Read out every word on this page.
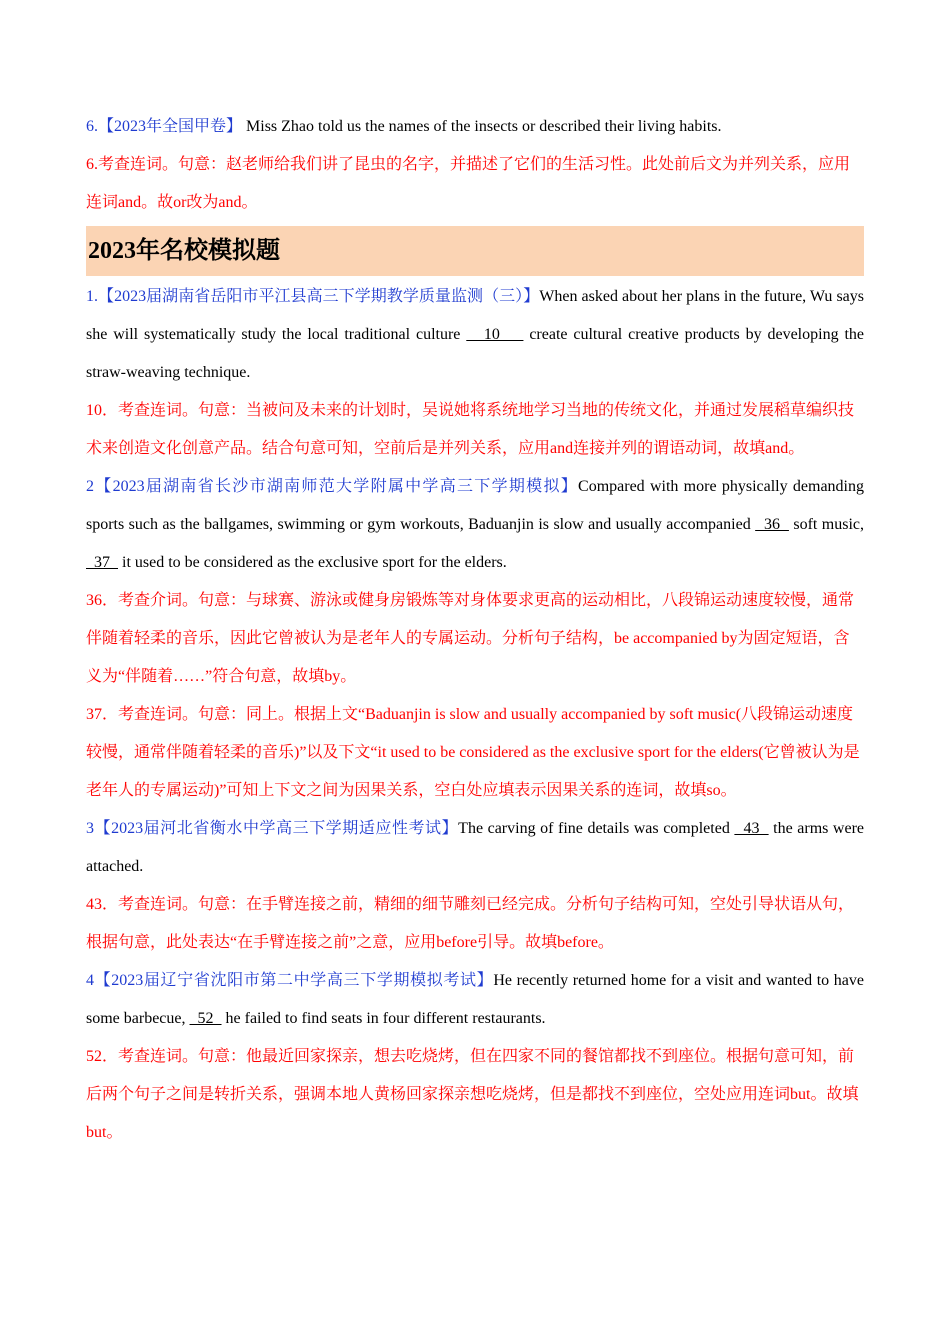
6.【2023年全国甲卷】 Miss Zhao told us the names of the insects or described their living habits.

6.考查连词。句意：赵老师给我们讲了昆虫的名字，并描述了它们的生活习性。此处前后文为并列关系，应用连词and。故or改为and。

2023年名校模拟题

1.【2023届湖南省岳阳市平江县高三下学期教学质量监测（三）】When asked about her plans in the future, Wu says she will systematically study the local traditional culture    10     create cultural creative products by developing the straw-weaving technique.

10．考查连词。句意：当被问及未来的计划时，吴说她将系统地学习当地的传统文化，并通过发展稻草编织技术来创造文化创意产品。结合句意可知，空前后是并列关系，应用and连接并列的谓语动词，故填and。

2【2023届湖南省长沙市湖南师范大学附属中学高三下学期模拟】Compared with more physically demanding sports such as the ballgames, swimming or gym workouts, Baduanjin is slow and usually accompanied   36   soft music,   37   it used to be considered as the exclusive sport for the elders.

36．考查介词。句意：与球赛、游泳或健身房锻炼等对身体要求更高的运动相比，八段锦运动速度较慢，通常伴随着轻柔的音乐，因此它曾被认为是老年人的专属运动。分析句子结构，be accompanied by为固定短语，含义为“伴随着……”符合句意，故填by。

37．考查连词。句意：同上。根据上文“Baduanjin is slow and usually accompanied by soft music(八段锦运动速度较慢，通常伴随着轻柔的音乐)”以及下文“it used to be considered as the exclusive sport for the elders(它曾被认为是老年人的专属运动)”可知上下文之间为因果关系，空白处应填表示因果关系的连词，故填so。

3【2023届河北省衡水中学高三下学期适应性考试】The carving of fine details was completed   43   the arms were attached.

43．考查连词。句意：在手臂连接之前，精细的细节雕刻已经完成。分析句子结构可知，空处引导状语从句，根据句意，此处表达“在手臂连接之前”之意，应用before引导。故填before。

4【2023届辽宁省沈阳市第二中学高三下学期模拟考试】He recently returned home for a visit and wanted to have some barbecue,   52   he failed to find seats in four different restaurants.

52．考查连词。句意：他最近回家探亲，想去吃烧烤，但在四家不同的餐馆都找不到座位。根据句意可知，前后两个句子之间是转折关系，强调本地人黄杨回家探亲想吃烧烤，但是都找不到座位，空处应用连词but。故填but。
